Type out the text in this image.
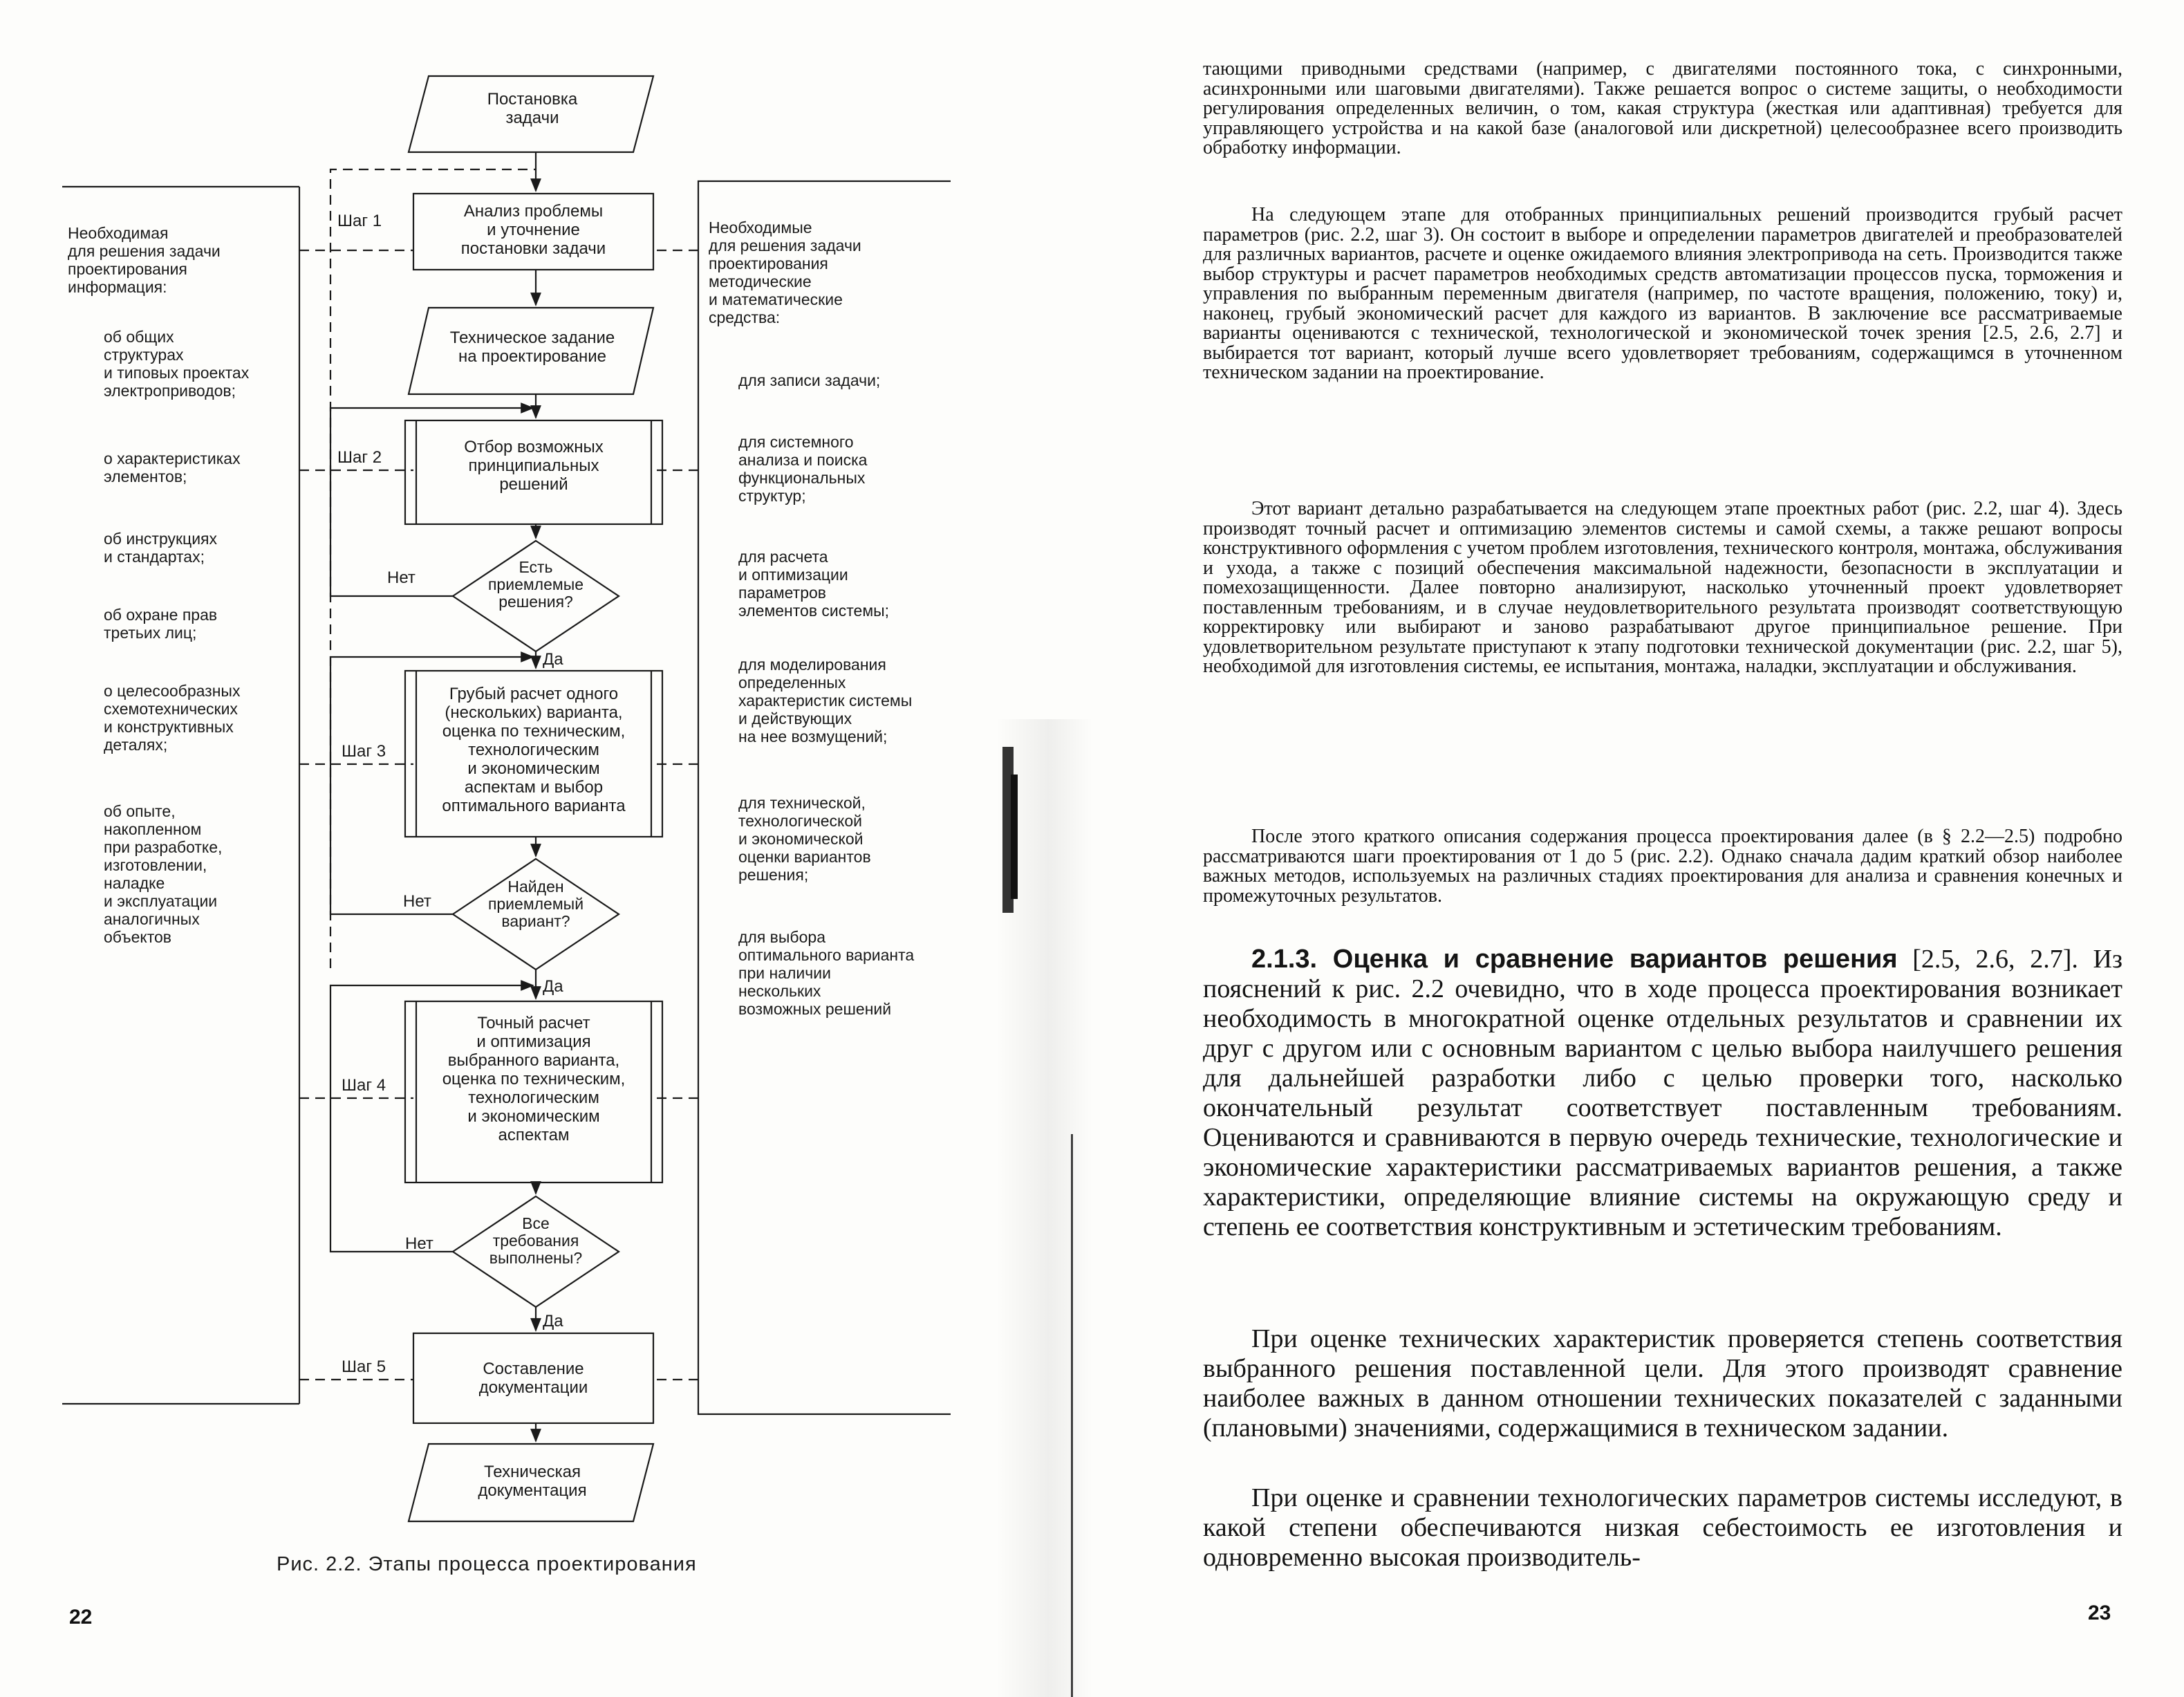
Постановка
задачи
Анализ проблемы
и уточнение
постановки задачи
Техническое задание
на проектирование
Отбор возможных
принципиальных
решений
Есть
приемлемые
решения?
Грубый расчет одного
(нескольких) варианта,
оценка по техническим,
технологическим
и экономическим
аспектам и выбор
оптимального варианта
Найден
приемлемый
вариант?
Точный расчет
и оптимизация
выбранного варианта,
оценка по техническим,
технологическим
и экономическим
аспектам
Все
требования
выполнены?
Составление
документации
Техническая
документация
Шаг 1
Шаг 2
Шаг 3
Шаг 4
Шаг 5
Нет
Да
Нет
Да
Нет
Да
Необходимая
для решения задачи
проектирования
информация:
об общих
структурах
и типовых проектах
электроприводов;
о характеристиках
элементов;
об инструкциях
и стандартах;
об охране прав
третьих лиц;
о целесообразных
схемотехнических
и конструктивных
деталях;
об опыте,
накопленном
при разработке,
изготовлении,
наладке
и эксплуатации
аналогичных
объектов
Необходимые
для решения задачи
проектирования
методические
и математические
средства:
для записи задачи;
для системного
анализа и поиска
функциональных
структур;
для расчета
и оптимизации
параметров
элементов системы;
для моделирования
определенных
характеристик системы
и действующих
на нее возмущений;
для технической,
технологической
и экономической
оценки вариантов
решения;
для выбора
оптимального варианта
при наличии
нескольких
возможных решений
Рис. 2.2. Этапы процесса проектирования
22
тающими приводными средствами (например, с двигателями постоянного тока, с синхронными, асинхронными или шаговыми двигателями). Также решается вопрос о системе защиты, о необходимости регулирования определенных величин, о том, какая структура (жесткая или адаптивная) требуется для управляющего устройства и на какой базе (аналоговой или дискретной) целесообразнее всего производить обработку информации.
На следующем этапе для отобранных принципиальных решений производится грубый расчет параметров (рис. 2.2, шаг 3). Он состоит в выборе и определении параметров двигателей и преобразователей для различных вариантов, расчете и оценке ожидаемого влияния электропривода на сеть. Производится также выбор структуры и расчет параметров необходимых средств автоматизации процессов пуска, торможения и управления по выбранным переменным двигателя (например, по частоте вращения, положению, току) и, наконец, грубый экономический расчет для каждого из вариантов. В заключение все рассматриваемые варианты оцениваются с технической, технологической и экономической точек зрения [2.5, 2.6, 2.7] и выбирается тот вариант, который лучше всего удовлетворяет требованиям, содержащимся в уточненном техническом задании на проектирование.
Этот вариант детально разрабатывается на следующем этапе проектных работ (рис. 2.2, шаг 4). Здесь производят точный расчет и оптимизацию элементов системы и самой схемы, а также решают вопросы конструктивного оформления с учетом проблем изготовления, технического контроля, монтажа, обслуживания и ухода, а также с позиций обеспечения максимальной надежности, безопасности в эксплуатации и помехозащищенности. Далее повторно анализируют, насколько уточненный проект удовлетворяет поставленным требованиям, и в случае неудовлетворительного результата производят соответствующую корректировку или выбирают и заново разрабатывают другое принципиальное решение. При удовлетворительном результате приступают к этапу подготовки технической документации (рис. 2.2, шаг 5), необходимой для изготовления системы, ее испытания, монтажа, наладки, эксплуатации и обслуживания.
После этого краткого описания содержания процесса проектирования далее (в § 2.2—2.5) подробно рассматриваются шаги проектирования от 1 до 5 (рис. 2.2). Однако сначала дадим краткий обзор наиболее важных методов, используемых на различных стадиях проектирования для анализа и сравнения конечных и промежуточных результатов.
2.1.3. Оценка и сравнение вариантов решения [2.5, 2.6, 2.7]. Из пояснений к рис. 2.2 очевидно, что в ходе процесса проектирования возникает необходимость в многократной оценке отдельных результатов и сравнении их друг с другом или с основным вариантом с целью выбора наилучшего решения для дальнейшей разработки либо с целью проверки того, насколько окончательный результат соответствует поставленным требованиям. Оцениваются и сравниваются в первую очередь технические, технологические и экономические характеристики рассматриваемых вариантов решения, а также характеристики, определяющие влияние системы на окружающую среду и степень ее соответствия конструктивным и эстетическим требованиям.
При оценке технических характеристик проверяется степень соответствия выбранного решения поставленной цели. Для этого производят сравнение наиболее важных в данном отношении технических показателей с заданными (плановыми) значениями, содержащимися в техническом задании.
При оценке и сравнении технологических параметров системы исследуют, в какой степени обеспечиваются низкая себестоимость ее изготовления и одновременно высокая производитель-
23
